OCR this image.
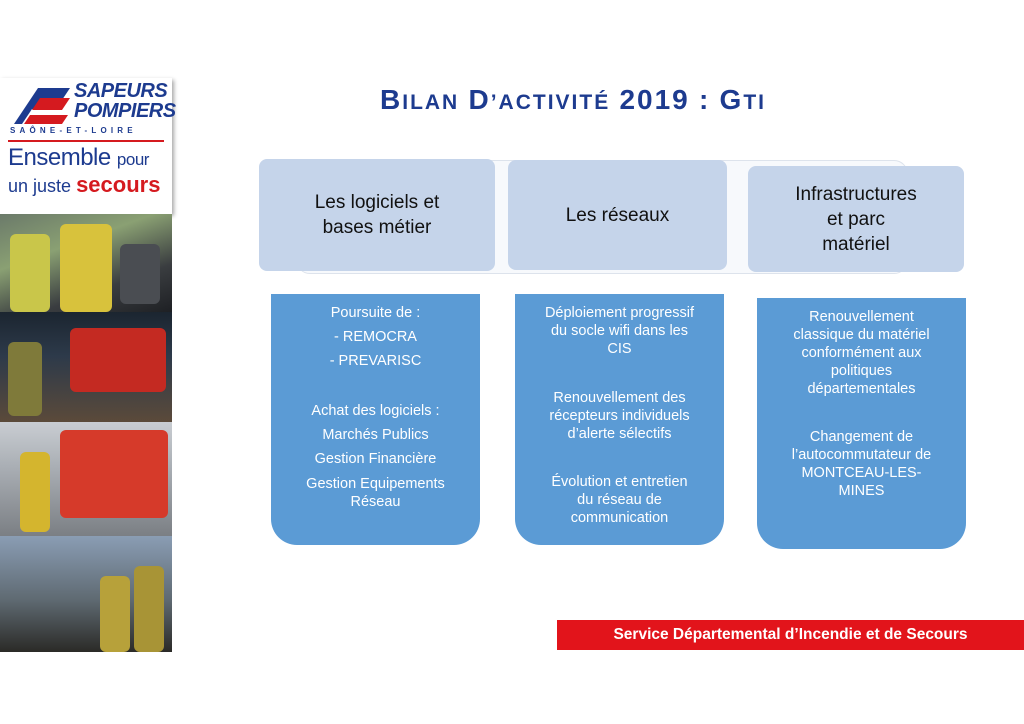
SAPEURS
POMPIERS
SAÔNE-ET-LOIRE
Ensemble pour
un juste secours
BILAN D’ACTIVITÉ 2019 : GTI
Les logiciels et
bases métier
Les réseaux
Infrastructures
et parc
matériel
Poursuite de :
- REMOCRA
- PREVARISC
Achat des logiciels :
Marchés Publics
Gestion Financière
Gestion Equipements
Réseau
Déploiement progressif
du socle wifi dans les
CIS
Renouvellement des
récepteurs individuels
d’alerte sélectifs
Évolution et entretien
du réseau de
communication
Renouvellement
classique du matériel
conformément aux
politiques
départementales
Changement de
l’autocommutateur de
MONTCEAU-LES-
MINES
Service Départemental d’Incendie et de Secours
